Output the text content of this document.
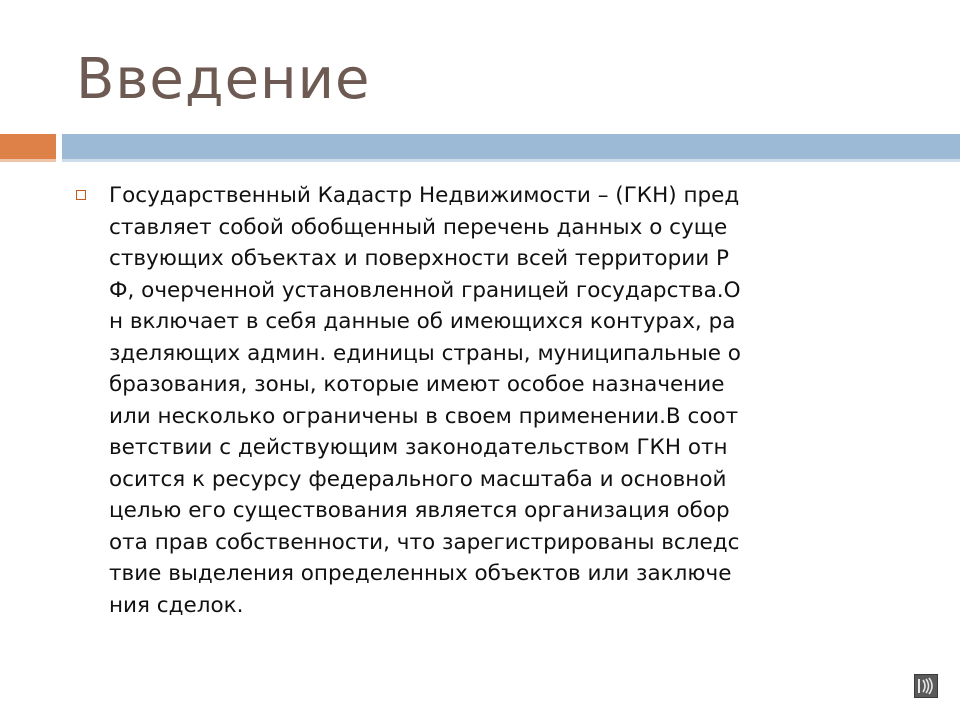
Введение
Государственный Кадастр Недвижимости – (ГКН) пред
ставляет собой обобщенный перечень данных о суще
ствующих объектах и поверхности всей территории Р
Ф, очерченной установленной границей государства.О
н включает в себя данные об имеющихся контурах, ра
зделяющих админ. единицы страны, муниципальные о
бразования, зоны, которые имеют особое назначение
или несколько ограничены в своем применении.В соот
ветствии с действующим законодательством ГКН отн
осится к ресурсу федерального масштаба и основной
целью его существования является организация обор
ота прав собственности, что зарегистрированы вследс
твие выделения определенных объектов или заключе
ния сделок.
